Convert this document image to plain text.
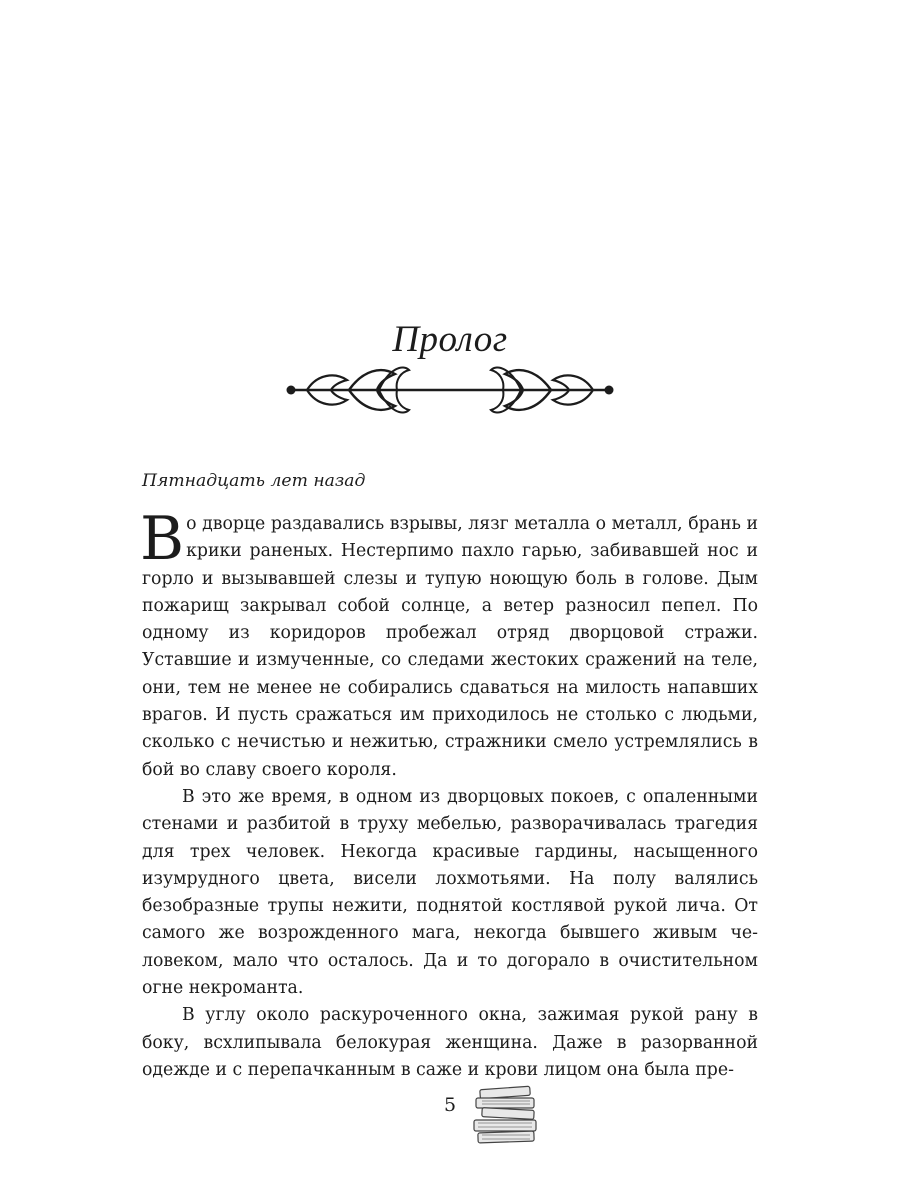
Пролог
Пятнадцать лет назад

Во дворце раздавались взрывы, лязг металла о металл, брань и крики раненых. Нестерпимо пахло гарью, забивавшей нос и горло и вызывавшей слезы и тупую ноющую боль в голове. Дым пожарищ закрывал собой солнце, а ветер разносил пепел. По одному из коридоров пробежал отряд дворцовой стражи. Уставшие и измученные, со следами жестоких сражений на теле, они, тем не менее не собирались сдаваться на милость напавших врагов. И пусть сражаться им приходилось не столько с людьми, сколько с нечистью и нежитью, стражники смело устремлялись в бой во славу своего короля.

В это же время, в одном из дворцовых покоев, с опаленными стенами и разбитой в труху мебелью, разворачивалась трагедия для трех человек. Некогда красивые гардины, насыщенного изумрудного цвета, висели лохмотьями. На полу валялись безобразные трупы нежити, поднятой костлявой рукой лича. От самого же возрожденного мага, некогда бывшего живым человеком, мало что осталось. Да и то догорало в очистительном огне некроманта.

В углу около раскуроченного окна, зажимая рукой рану в боку, всхлипывала белокурая женщина. Даже в разорванной одежде и с перепачканным в саже и крови лицом она была пре-

5
